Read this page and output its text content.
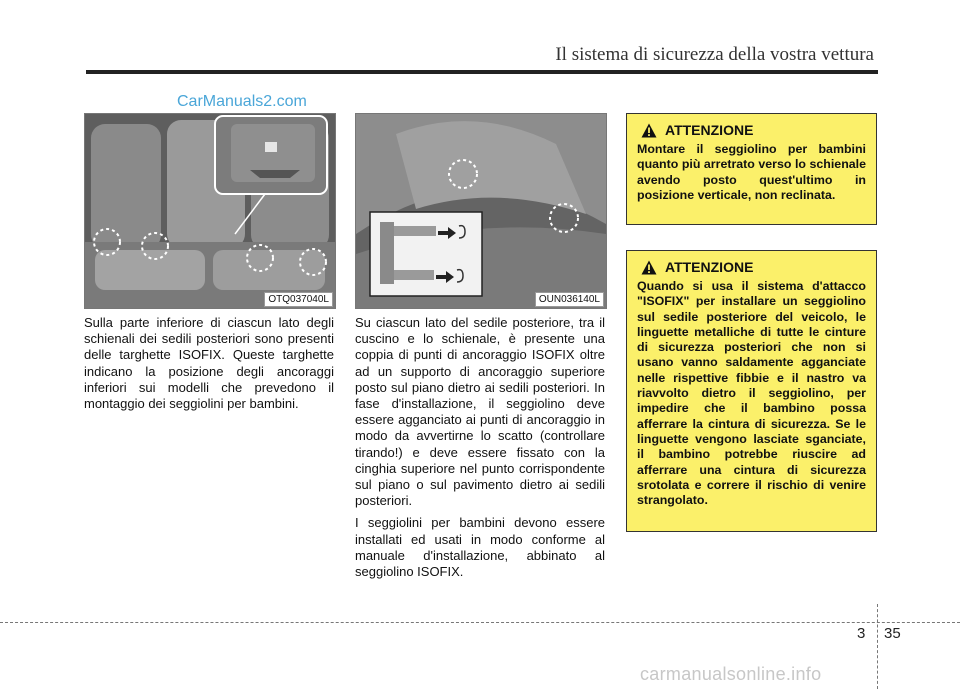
Il sistema di sicurezza della vostra vettura
CarManuals2.com
OTQ037040L	OUN036140L

Sulla parte inferiore di ciascun lato degli schienali dei sedili posteriori sono presenti delle targhette ISOFIX. Queste targhette indicano la posizione degli ancoraggi inferiori sui modelli che prevedono il montaggio dei seggiolini per bambini.

Su ciascun lato del sedile posteriore, tra il cuscino e lo schienale, è presente una coppia di punti di ancoraggio ISOFIX oltre ad un supporto di ancoraggio superiore posto sul piano dietro ai sedili posteriori. In fase d'installazione, il seggiolino deve essere agganciato ai punti di ancoraggio in modo da avvertirne lo scatto (controllare tirando!) e deve essere fissato con la cinghia superiore nel punto corrispondente sul piano o sul pavimento dietro ai sedili posteriori.

I seggiolini per bambini devono essere installati ed usati in modo conforme al manuale d'installazione, abbinato al seggiolino ISOFIX.

ATTENZIONE
Montare il seggiolino per bambini quanto più arretrato verso lo schienale avendo posto quest'ultimo in posizione verticale, non reclinata.
ATTENZIONE
Quando si usa il sistema d'attacco "ISOFIX" per installare un seggiolino sul sedile posteriore del veicolo, le linguette metalliche di tutte le cinture di sicurezza posteriori che non si usano vanno saldamente agganciate nelle rispettive fibbie e il nastro va riavvolto dietro il seggiolino, per impedire che il bambino possa afferrare la cintura di sicurezza. Se le linguette vengono lasciate sganciate, il bambino potrebbe riuscire ad afferrare una cintura di sicurezza srotolata e correre il rischio di venire strangolato.
3 35
carmanualsonline.info
